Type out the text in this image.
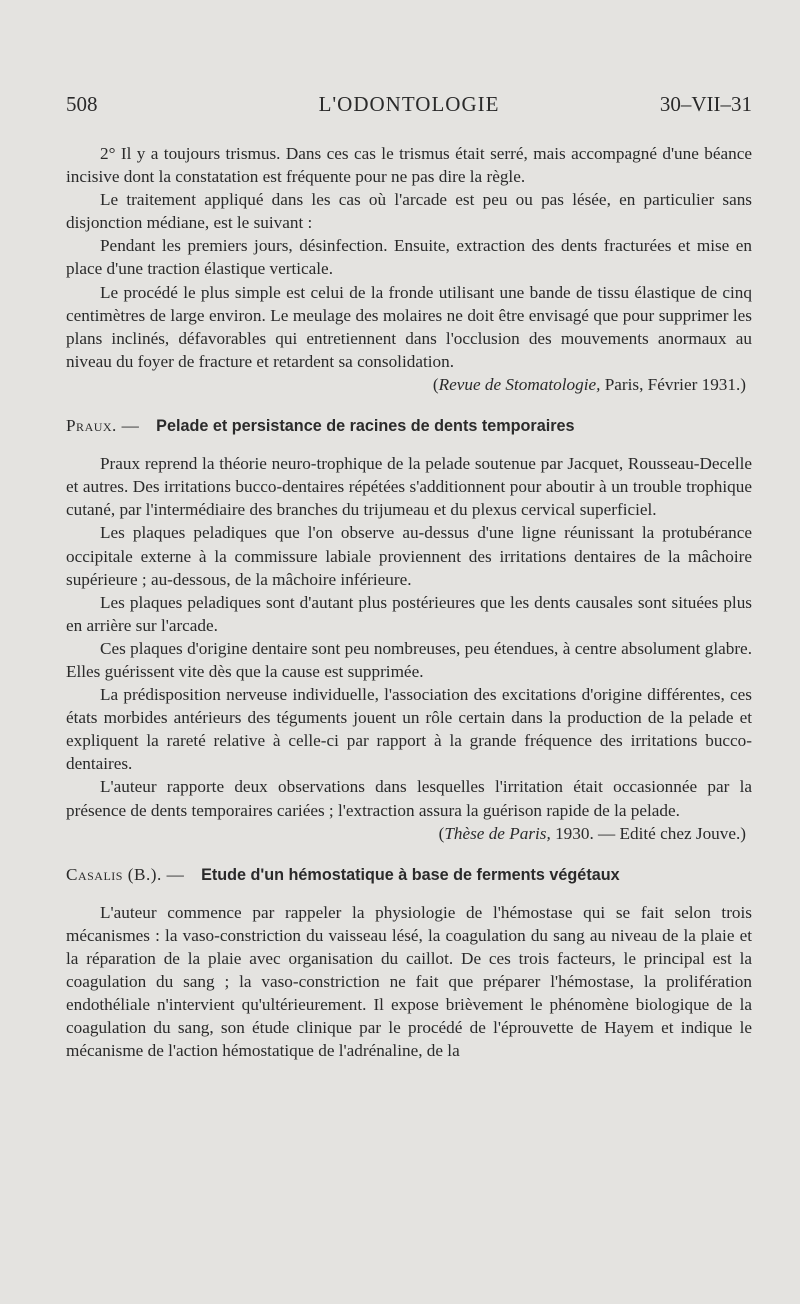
508	L'ODONTOLOGIE	30–VII–31

2° Il y a toujours trismus. Dans ces cas le trismus était serré, mais accompagné d'une béance incisive dont la constatation est fréquente pour ne pas dire la règle.

Le traitement appliqué dans les cas où l'arcade est peu ou pas lésée, en particulier sans disjonction médiane, est le suivant :

Pendant les premiers jours, désinfection. Ensuite, extraction des dents fracturées et mise en place d'une traction élastique verticale.

Le procédé le plus simple est celui de la fronde utilisant une bande de tissu élastique de cinq centimètres de large environ. Le meulage des molaires ne doit être envisagé que pour supprimer les plans inclinés, défavorables qui entretiennent dans l'occlusion des mouvements anormaux au niveau du foyer de fracture et retardent sa consolidation.

(Revue de Stomatologie, Paris, Février 1931.)

Praux. — Pelade et persistance de racines de dents temporaires

Praux reprend la théorie neuro-trophique de la pelade soutenue par Jacquet, Rousseau-Decelle et autres. Des irritations bucco-dentaires répétées s'additionnent pour aboutir à un trouble trophique cutané, par l'intermédiaire des branches du trijumeau et du plexus cervical superficiel.

Les plaques peladiques que l'on observe au-dessus d'une ligne réunissant la protubérance occipitale externe à la commissure labiale proviennent des irritations dentaires de la mâchoire supérieure ; au-dessous, de la mâchoire inférieure.

Les plaques peladiques sont d'autant plus postérieures que les dents causales sont situées plus en arrière sur l'arcade.

Ces plaques d'origine dentaire sont peu nombreuses, peu étendues, à centre absolument glabre. Elles guérissent vite dès que la cause est supprimée.

La prédisposition nerveuse individuelle, l'association des excitations d'origine différentes, ces états morbides antérieurs des téguments jouent un rôle certain dans la production de la pelade et expliquent la rareté relative à celle-ci par rapport à la grande fréquence des irritations bucco-dentaires.

L'auteur rapporte deux observations dans lesquelles l'irritation était occasionnée par la présence de dents temporaires cariées ; l'extraction assura la guérison rapide de la pelade.

(Thèse de Paris, 1930. — Edité chez Jouve.)

Casalis (B.). — Etude d'un hémostatique à base de ferments végétaux

L'auteur commence par rappeler la physiologie de l'hémostase qui se fait selon trois mécanismes : la vaso-constriction du vaisseau lésé, la coagulation du sang au niveau de la plaie et la réparation de la plaie avec organisation du caillot. De ces trois facteurs, le principal est la coagulation du sang ; la vaso-constriction ne fait que préparer l'hémostase, la prolifération endothéliale n'intervient qu'ultérieurement. Il expose brièvement le phénomène biologique de la coagulation du sang, son étude clinique par le procédé de l'éprouvette de Hayem et indique le mécanisme de l'action hémostatique de l'adrénaline, de la
